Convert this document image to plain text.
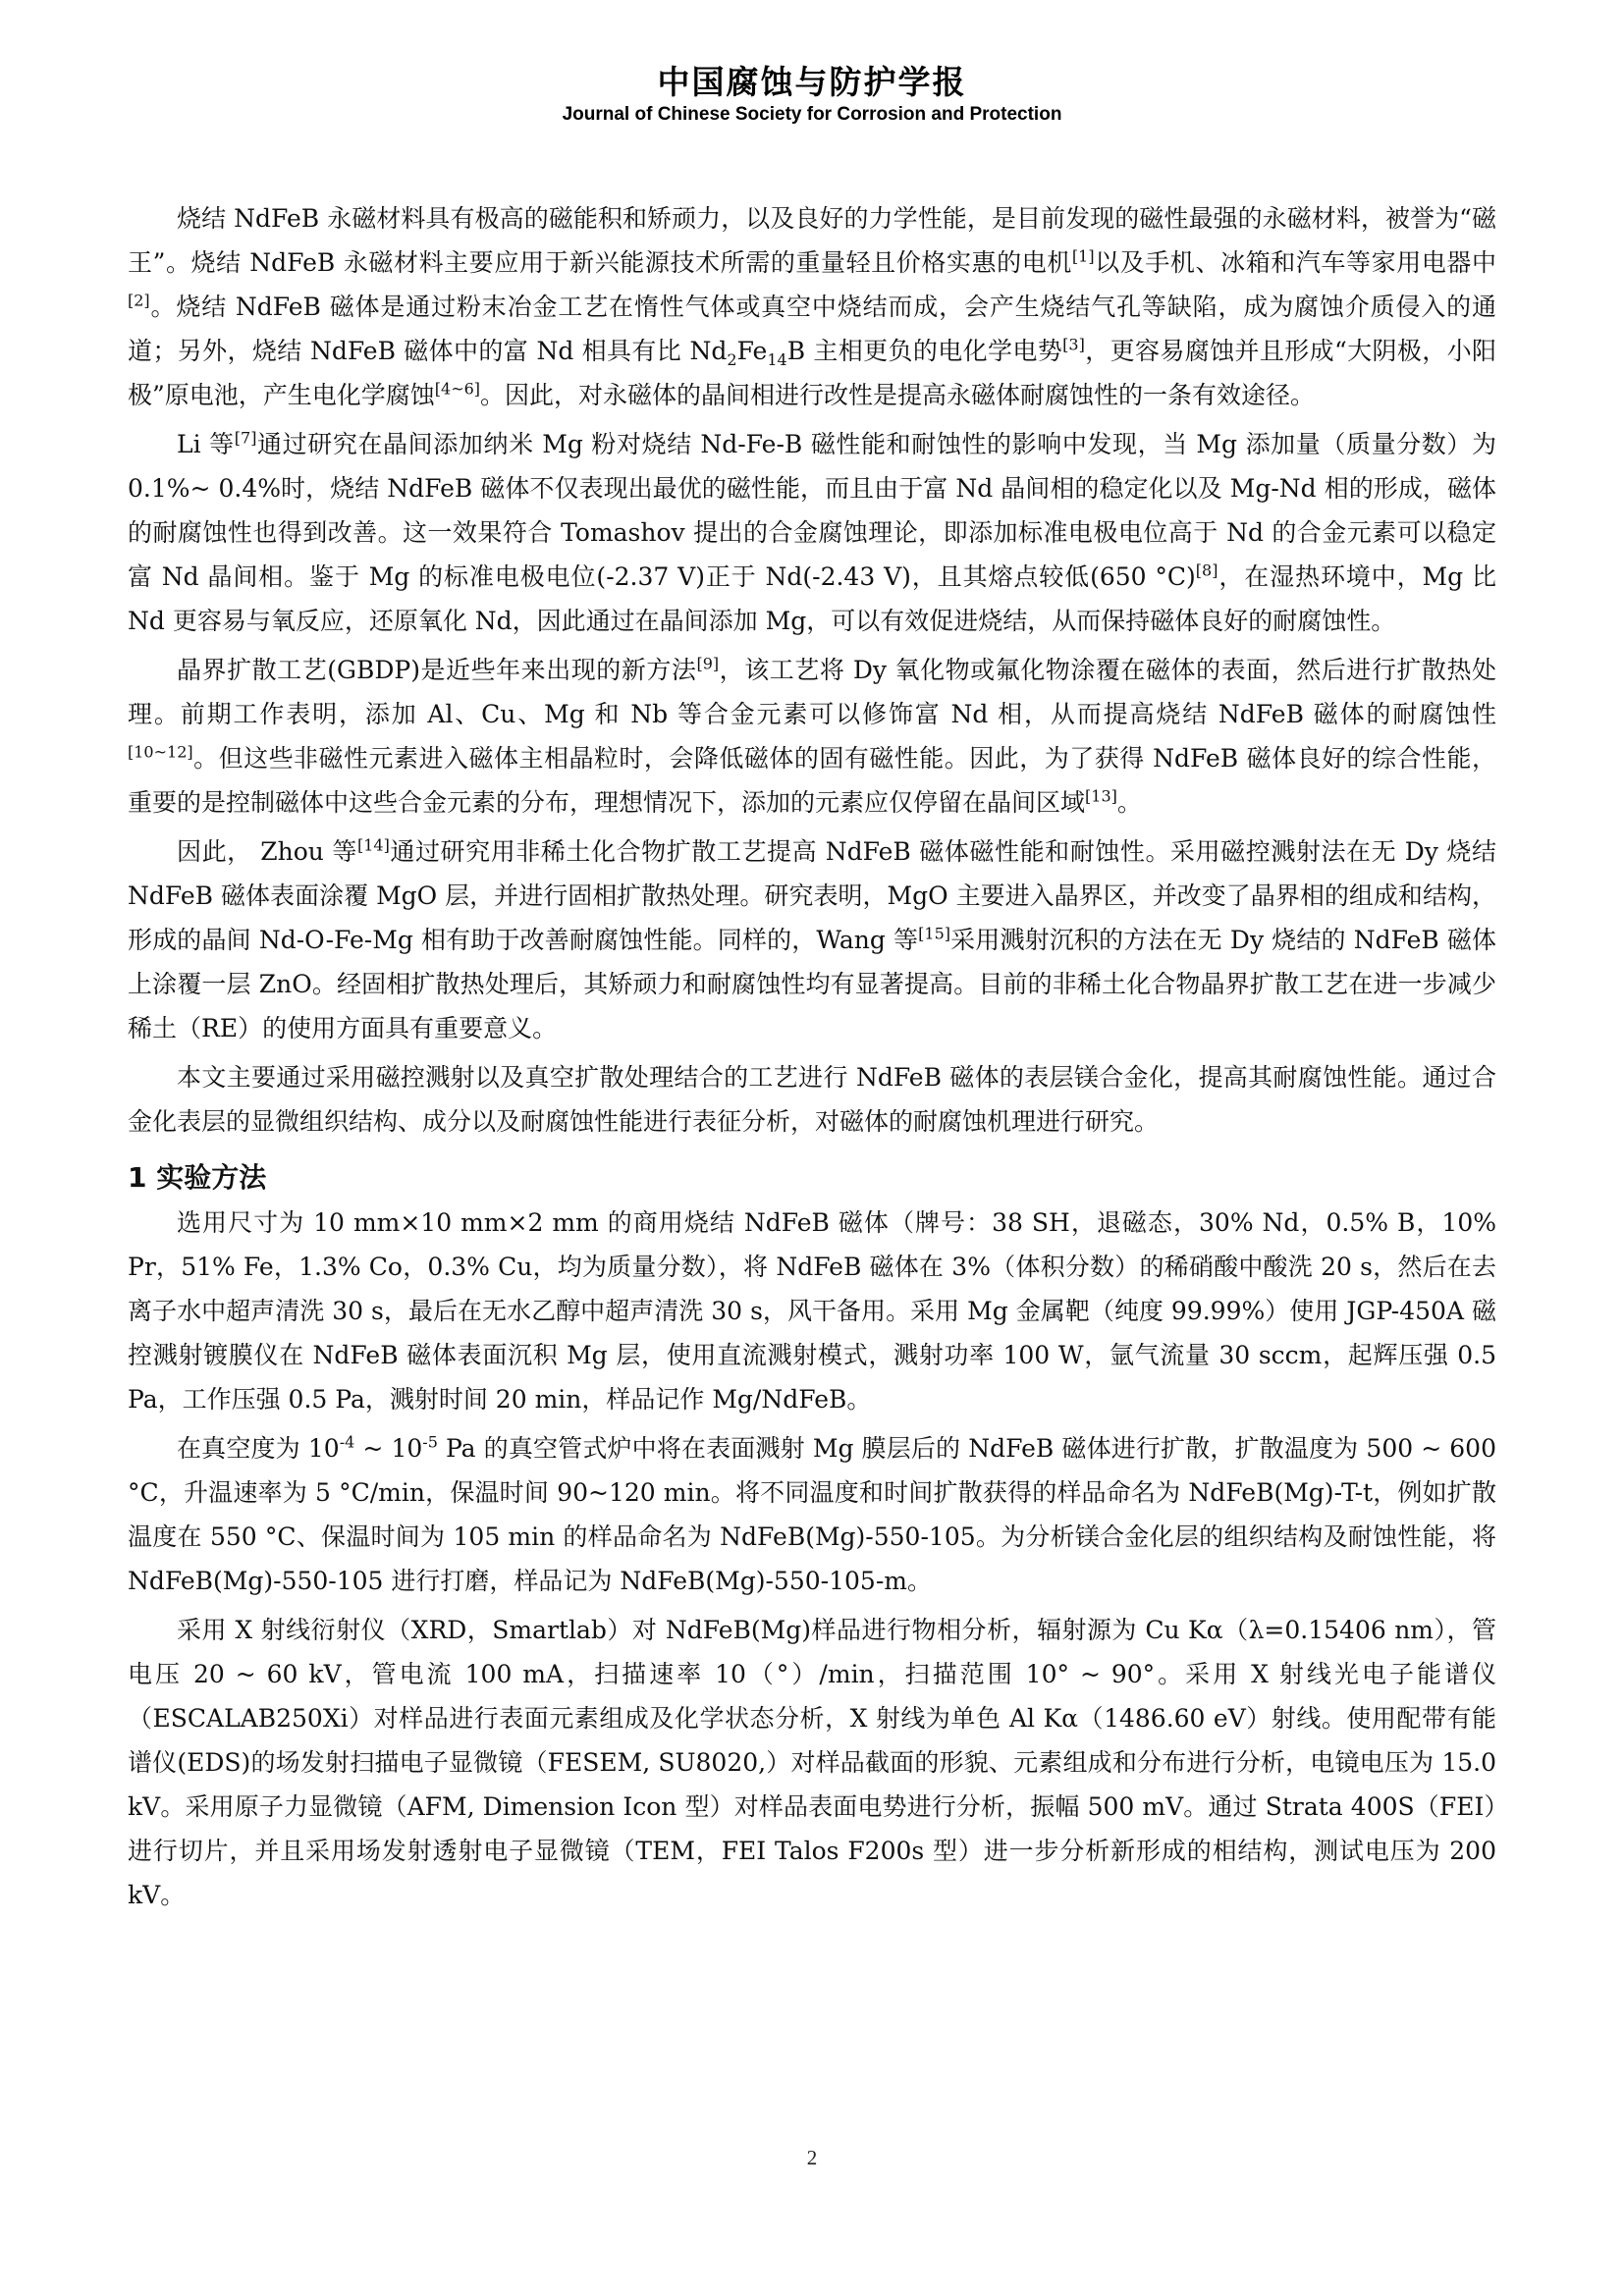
中国腐蚀与防护学报
Journal of Chinese Society for Corrosion and Protection

烧结 NdFeB 永磁材料具有极高的磁能积和矫顽力，以及良好的力学性能，是目前发现的磁性最强的永磁材料，被誉为“磁王”。烧结 NdFeB 永磁材料主要应用于新兴能源技术所需的重量轻且价格实惠的电机[1]以及手机、冰箱和汽车等家用电器中[2]。烧结 NdFeB 磁体是通过粉末冶金工艺在惰性气体或真空中烧结而成，会产生烧结气孔等缺陷，成为腐蚀介质侵入的通道；另外，烧结 NdFeB 磁体中的富 Nd 相具有比 $Nd_2Fe_{14}B$ 主相更负的电化学电势[3]，更容易腐蚀并且形成“大阴极，小阳极”原电池，产生电化学腐蚀[4~6]。因此，对永磁体的晶间相进行改性是提高永磁体耐腐蚀性的一条有效途径。

Li 等[7]通过研究在晶间添加纳米 Mg 粉对烧结 Nd-Fe-B 磁性能和耐蚀性的影响中发现，当 Mg 添加量（质量分数）为 0.1%~ 0.4%时，烧结 NdFeB 磁体不仅表现出最优的磁性能，而且由于富 Nd 晶间相的稳定化以及 Mg-Nd 相的形成，磁体的耐腐蚀性也得到改善。这一效果符合 Tomashov 提出的合金腐蚀理论，即添加标准电极电位高于 Nd 的合金元素可以稳定富 Nd 晶间相。鉴于 Mg 的标准电极电位(-2.37 V)正于 Nd(-2.43 V)，且其熔点较低(650 °C)[8]，在湿热环境中，Mg 比 Nd 更容易与氧反应，还原氧化 Nd，因此通过在晶间添加 Mg，可以有效促进烧结，从而保持磁体良好的耐腐蚀性。

晶界扩散工艺(GBDP)是近些年来出现的新方法[9]，该工艺将 Dy 氧化物或氟化物涂覆在磁体的表面，然后进行扩散热处理。前期工作表明，添加 Al、Cu、Mg 和 Nb 等合金元素可以修饰富 Nd 相，从而提高烧结 NdFeB 磁体的耐腐蚀性[10~12]。但这些非磁性元素进入磁体主相晶粒时，会降低磁体的固有磁性能。因此，为了获得 NdFeB 磁体良好的综合性能，重要的是控制磁体中这些合金元素的分布，理想情况下，添加的元素应仅停留在晶间区域[13]。

因此， Zhou 等[14]通过研究用非稀土化合物扩散工艺提高 NdFeB 磁体磁性能和耐蚀性。采用磁控溅射法在无 Dy 烧结 NdFeB 磁体表面涂覆 MgO 层，并进行固相扩散热处理。研究表明，MgO 主要进入晶界区，并改变了晶界相的组成和结构，形成的晶间 Nd-O-Fe-Mg 相有助于改善耐腐蚀性能。同样的，Wang 等[15]采用溅射沉积的方法在无 Dy 烧结的 NdFeB 磁体上涂覆一层 ZnO。经固相扩散热处理后，其矫顽力和耐腐蚀性均有显著提高。目前的非稀土化合物晶界扩散工艺在进一步减少稀土（RE）的使用方面具有重要意义。

本文主要通过采用磁控溅射以及真空扩散处理结合的工艺进行 NdFeB 磁体的表层镁合金化，提高其耐腐蚀性能。通过合金化表层的显微组织结构、成分以及耐腐蚀性能进行表征分析，对磁体的耐腐蚀机理进行研究。

1 实验方法

选用尺寸为 10 mm×10 mm×2 mm 的商用烧结 NdFeB 磁体（牌号：38 SH，退磁态，30% Nd，0.5% B，10% Pr，51% Fe，1.3% Co，0.3% Cu，均为质量分数），将 NdFeB 磁体在 3%（体积分数）的稀硝酸中酸洗 20 s，然后在去离子水中超声清洗 30 s，最后在无水乙醇中超声清洗 30 s，风干备用。采用 Mg 金属靶（纯度 99.99%）使用 JGP-450A 磁控溅射镀膜仪在 NdFeB 磁体表面沉积 Mg 层，使用直流溅射模式，溅射功率 100 W，氩气流量 30 sccm，起辉压强 0.5 Pa，工作压强 0.5 Pa，溅射时间 20 min，样品记作 Mg/NdFeB。

在真空度为 $10^{-4}$ ~ $10^{-5}$ Pa 的真空管式炉中将在表面溅射 Mg 膜层后的 NdFeB 磁体进行扩散，扩散温度为 500 ~ 600 °C，升温速率为 5 °C/min，保温时间 90~120 min。将不同温度和时间扩散获得的样品命名为 NdFeB(Mg)-T-t，例如扩散温度在 550 °C、保温时间为 105 min 的样品命名为 NdFeB(Mg)-550-105。为分析镁合金化层的组织结构及耐蚀性能，将 NdFeB(Mg)-550-105 进行打磨，样品记为 NdFeB(Mg)-550-105-m。

采用 X 射线衍射仪（XRD，Smartlab）对 NdFeB(Mg)样品进行物相分析，辐射源为 Cu Kα（λ=0.15406 nm），管电压 20 ~ 60 kV，管电流 100 mA，扫描速率 10（°）/min，扫描范围 10° ~ 90°。采用 X 射线光电子能谱仪（ESCALAB250Xi）对样品进行表面元素组成及化学状态分析，X 射线为单色 Al Kα（1486.60 eV）射线。使用配带有能谱仪(EDS)的场发射扫描电子显微镜（FESEM, SU8020,）对样品截面的形貌、元素组成和分布进行分析，电镜电压为 15.0 kV。采用原子力显微镜（AFM, Dimension Icon 型）对样品表面电势进行分析，振幅 500 mV。通过 Strata 400S（FEI）进行切片，并且采用场发射透射电子显微镜（TEM，FEI Talos F200s 型）进一步分析新形成的相结构，测试电压为 200 kV。

2
